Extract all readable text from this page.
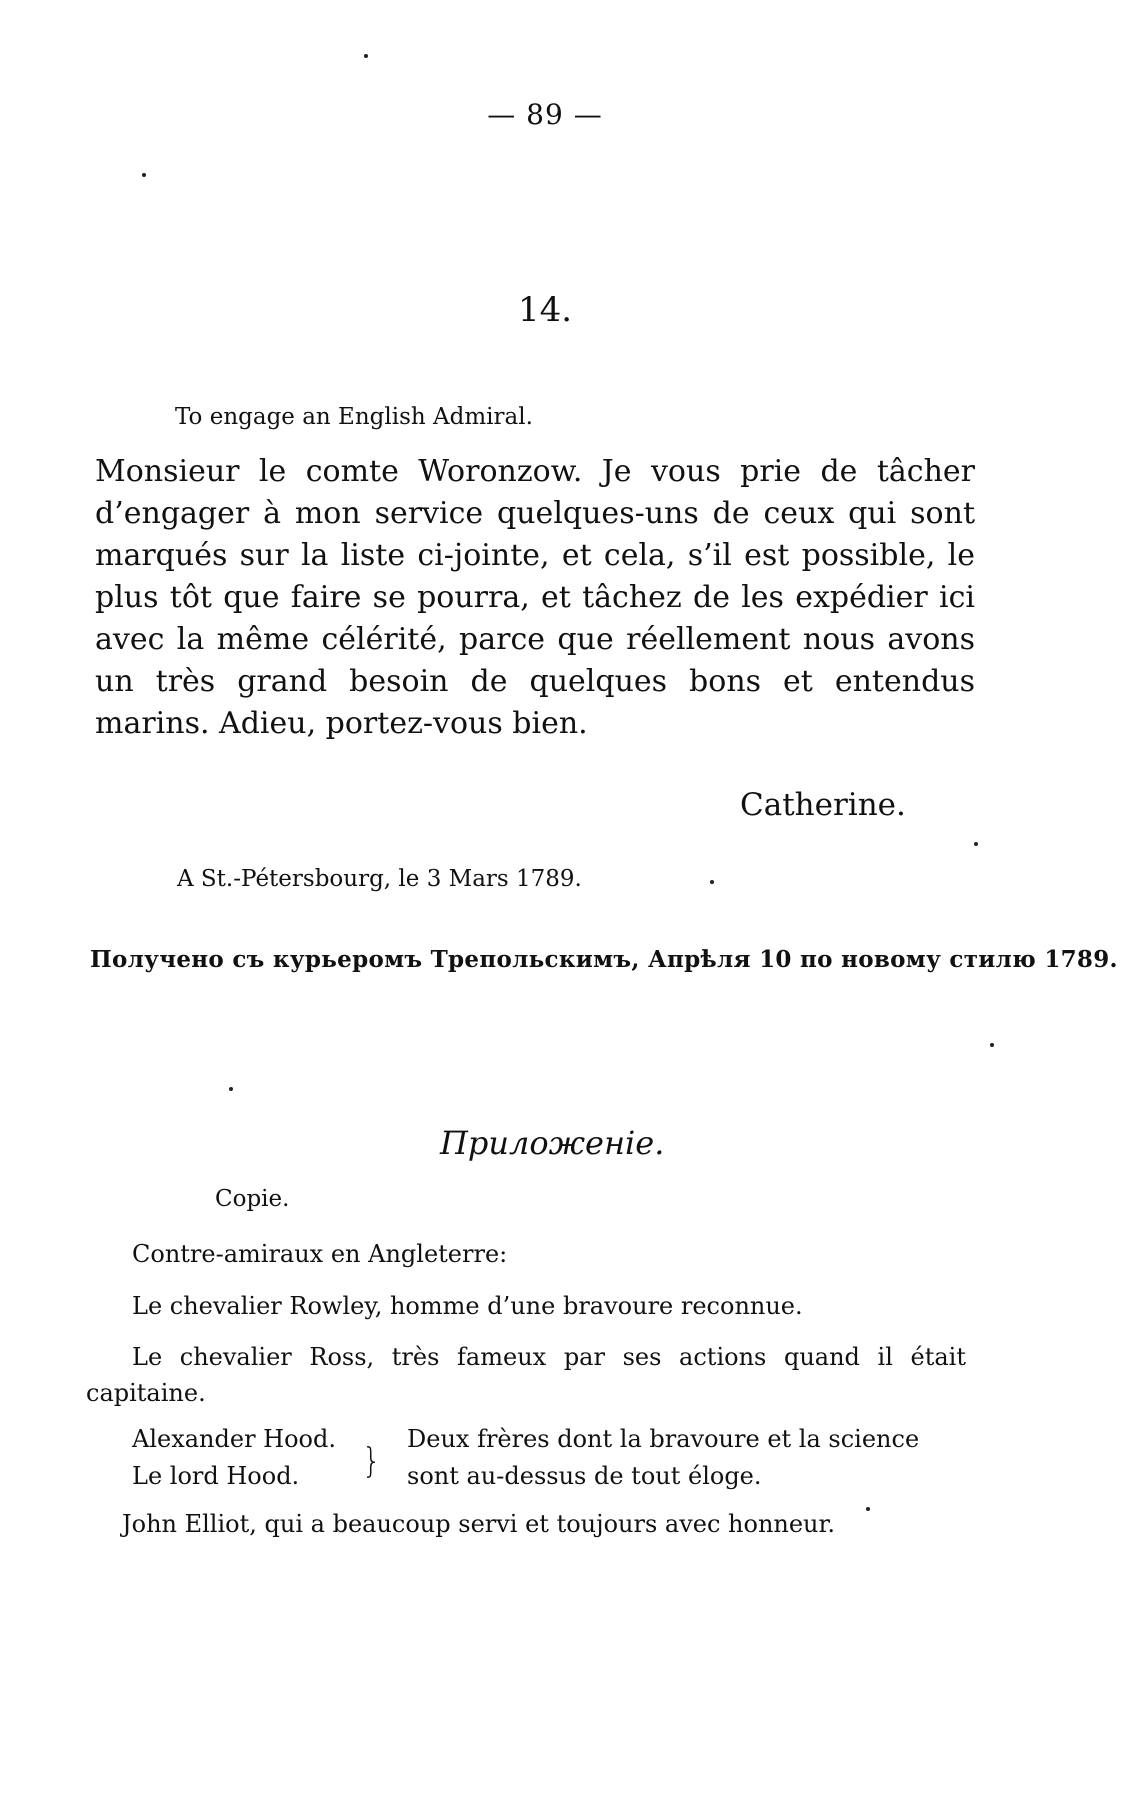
— 89 —
14.
To engage an English Admiral.
Monsieur le comte Woronzow. Je vous prie de tâcher d’engager à mon service quelques-uns de ceux qui sont marqués sur la liste ci-jointe, et cela, s’il est possible, le plus tôt que faire se pourra, et tâchez de les expédier ici avec la même célérité, parce que réellement nous avons un très grand besoin de quelques bons et entendus marins. Adieu, portez-vous bien.
Catherine.
A St.-Pétersbourg, le 3 Mars 1789.
Получено съ курьеромъ Трепольскимъ, Апрѣля 10 по новому стилю 1789.
Приложеніе.
Copie.
Contre-amiraux en Angleterre:
Le chevalier Rowley, homme d’une bravoure reconnue.
Le chevalier Ross, très fameux par ses actions quand il était capitaine.
Alexander Hood.
Le lord Hood. }
Deux frères dont la bravoure et la science
sont au-dessus de tout éloge.
John Elliot, qui a beaucoup servi et toujours avec honneur.
